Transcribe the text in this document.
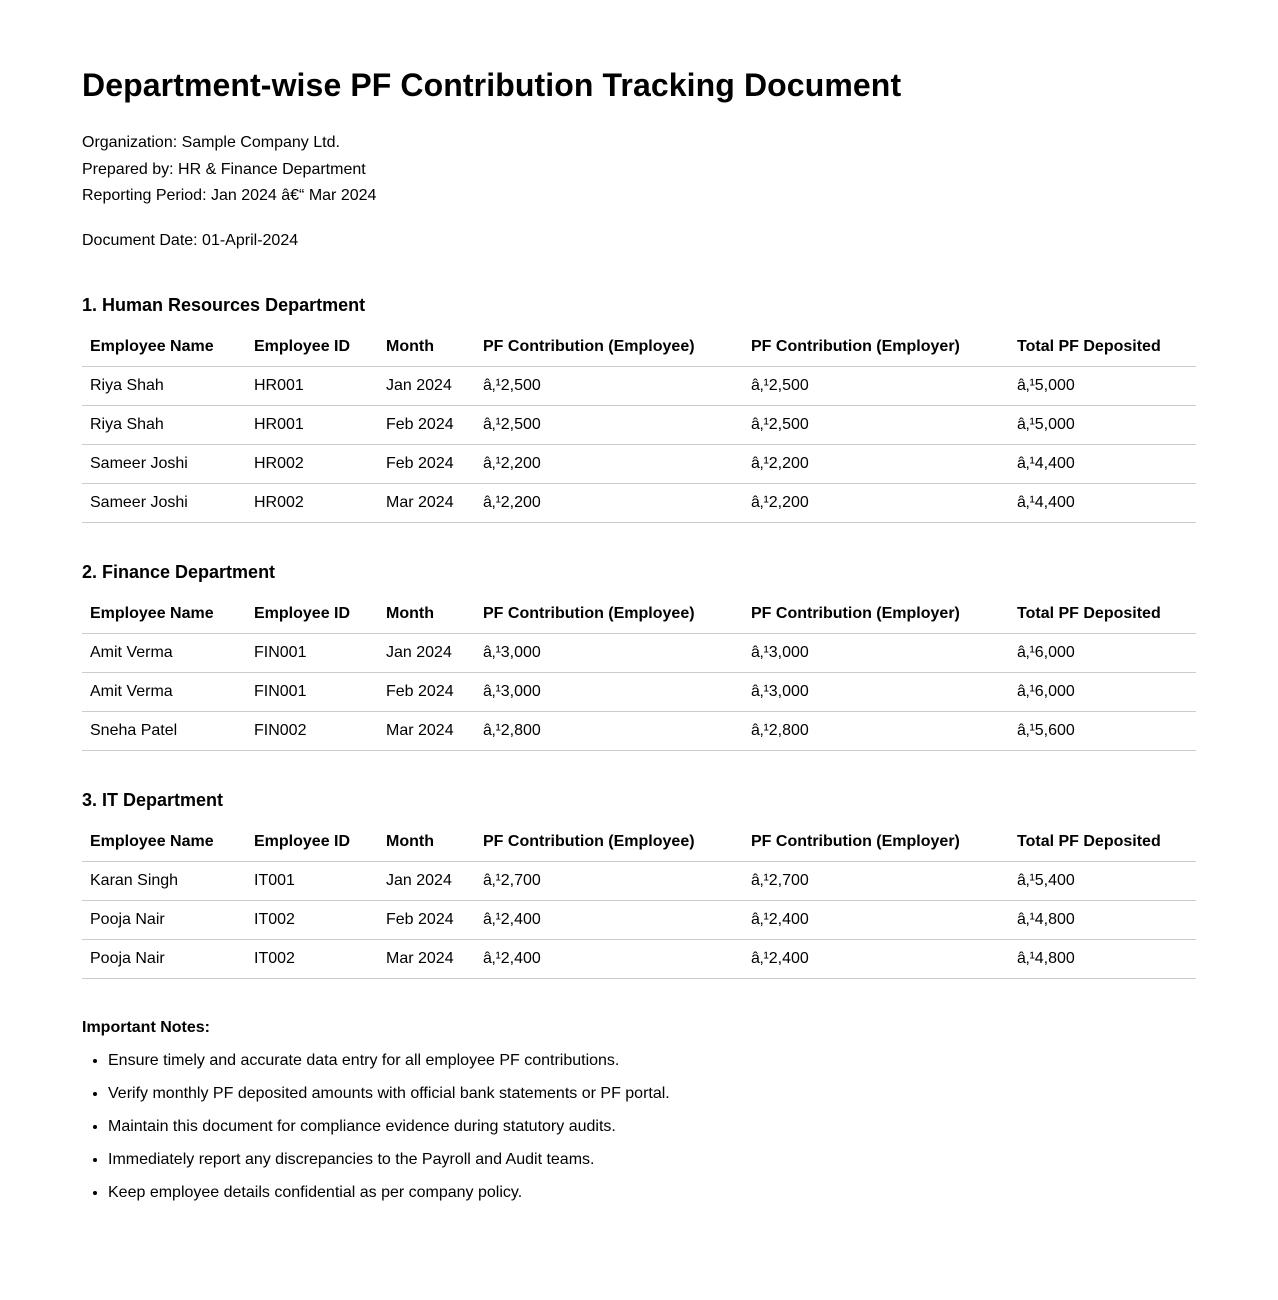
Department-wise PF Contribution Tracking Document
Organization: Sample Company Ltd.
Prepared by: HR & Finance Department
Reporting Period: Jan 2024 â€“ Mar 2024
Document Date: 01-April-2024
1. Human Resources Department
Employee Name	Employee ID	Month	PF Contribution (Employee)	PF Contribution (Employer)	Total PF Deposited
Riya Shah	HR001	Jan 2024	â‚¹2,500	â‚¹2,500	â‚¹5,000
Riya Shah	HR001	Feb 2024	â‚¹2,500	â‚¹2,500	â‚¹5,000
Sameer Joshi	HR002	Feb 2024	â‚¹2,200	â‚¹2,200	â‚¹4,400
Sameer Joshi	HR002	Mar 2024	â‚¹2,200	â‚¹2,200	â‚¹4,400
2. Finance Department
Employee Name	Employee ID	Month	PF Contribution (Employee)	PF Contribution (Employer)	Total PF Deposited
Amit Verma	FIN001	Jan 2024	â‚¹3,000	â‚¹3,000	â‚¹6,000
Amit Verma	FIN001	Feb 2024	â‚¹3,000	â‚¹3,000	â‚¹6,000
Sneha Patel	FIN002	Mar 2024	â‚¹2,800	â‚¹2,800	â‚¹5,600
3. IT Department
Employee Name	Employee ID	Month	PF Contribution (Employee)	PF Contribution (Employer)	Total PF Deposited
Karan Singh	IT001	Jan 2024	â‚¹2,700	â‚¹2,700	â‚¹5,400
Pooja Nair	IT002	Feb 2024	â‚¹2,400	â‚¹2,400	â‚¹4,800
Pooja Nair	IT002	Mar 2024	â‚¹2,400	â‚¹2,400	â‚¹4,800
Important Notes:
• Ensure timely and accurate data entry for all employee PF contributions.
• Verify monthly PF deposited amounts with official bank statements or PF portal.
• Maintain this document for compliance evidence during statutory audits.
• Immediately report any discrepancies to the Payroll and Audit teams.
• Keep employee details confidential as per company policy.
